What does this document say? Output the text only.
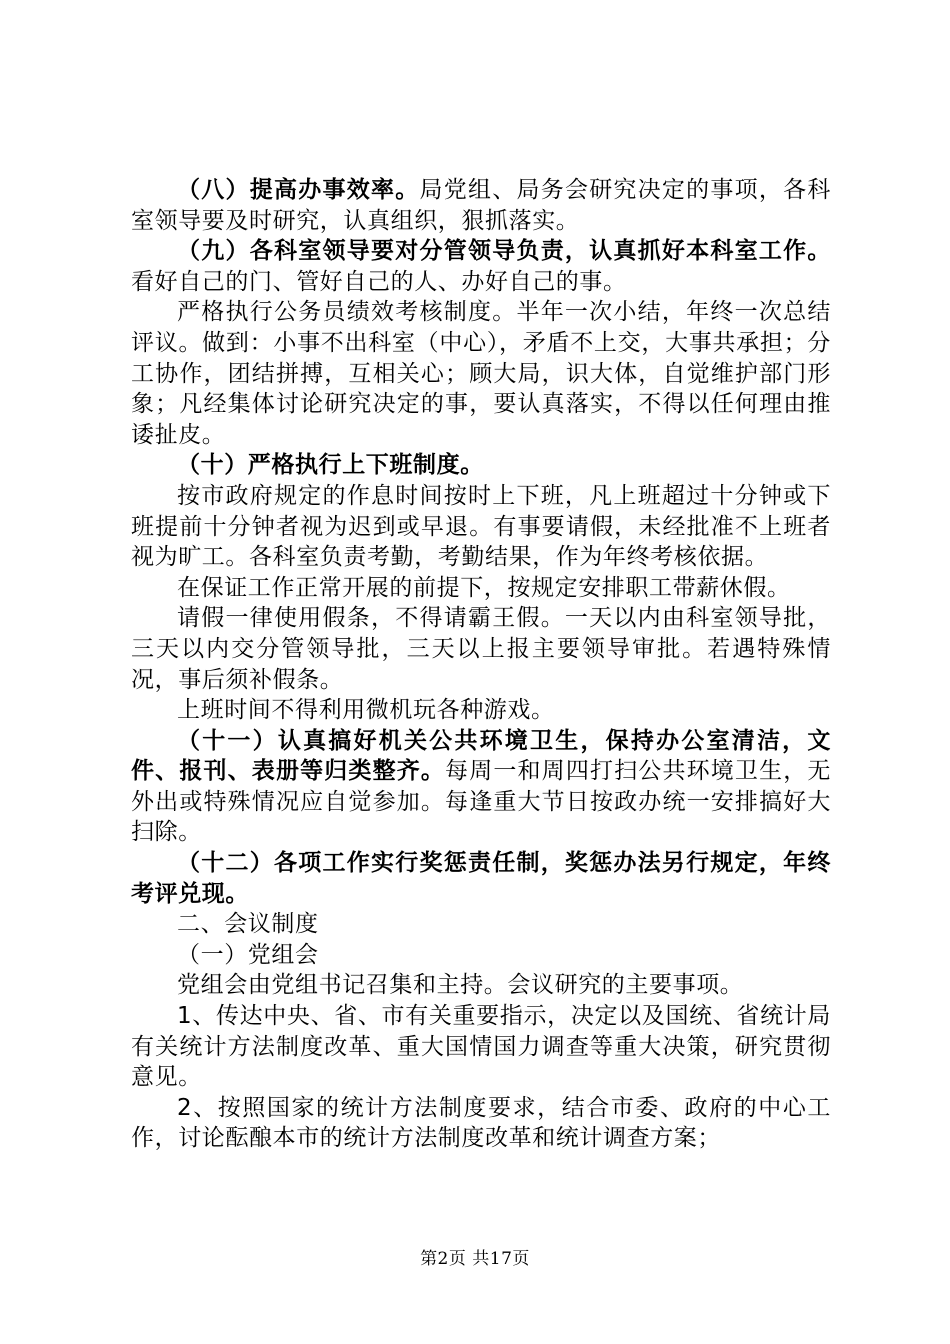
（八）提高办事效率。局党组、局务会研究决定的事项，各科室领导要及时研究，认真组织，狠抓落实。

（九）各科室领导要对分管领导负责，认真抓好本科室工作。看好自己的门、管好自己的人、办好自己的事。

严格执行公务员绩效考核制度。半年一次小结，年终一次总结评议。做到：小事不出科室（中心），矛盾不上交，大事共承担；分工协作，团结拼搏，互相关心；顾大局，识大体，自觉维护部门形象；凡经集体讨论研究决定的事，要认真落实，不得以任何理由推诿扯皮。

（十）严格执行上下班制度。

按市政府规定的作息时间按时上下班，凡上班超过十分钟或下班提前十分钟者视为迟到或早退。有事要请假，未经批准不上班者视为旷工。各科室负责考勤，考勤结果，作为年终考核依据。

在保证工作正常开展的前提下，按规定安排职工带薪休假。

请假一律使用假条，不得请霸王假。一天以内由科室领导批，三天以内交分管领导批，三天以上报主要领导审批。若遇特殊情况，事后须补假条。

上班时间不得利用微机玩各种游戏。

（十一）认真搞好机关公共环境卫生，保持办公室清洁，文件、报刊、表册等归类整齐。每周一和周四打扫公共环境卫生，无外出或特殊情况应自觉参加。每逢重大节日按政办统一安排搞好大扫除。

（十二）各项工作实行奖惩责任制，奖惩办法另行规定，年终考评兑现。

二、会议制度

（一）党组会

党组会由党组书记召集和主持。会议研究的主要事项。

1、传达中央、省、市有关重要指示，决定以及国统、省统计局有关统计方法制度改革、重大国情国力调查等重大决策，研究贯彻意见。

2、按照国家的统计方法制度要求，结合市委、政府的中心工作，讨论酝酿本市的统计方法制度改革和统计调查方案；

第2页 共17页
